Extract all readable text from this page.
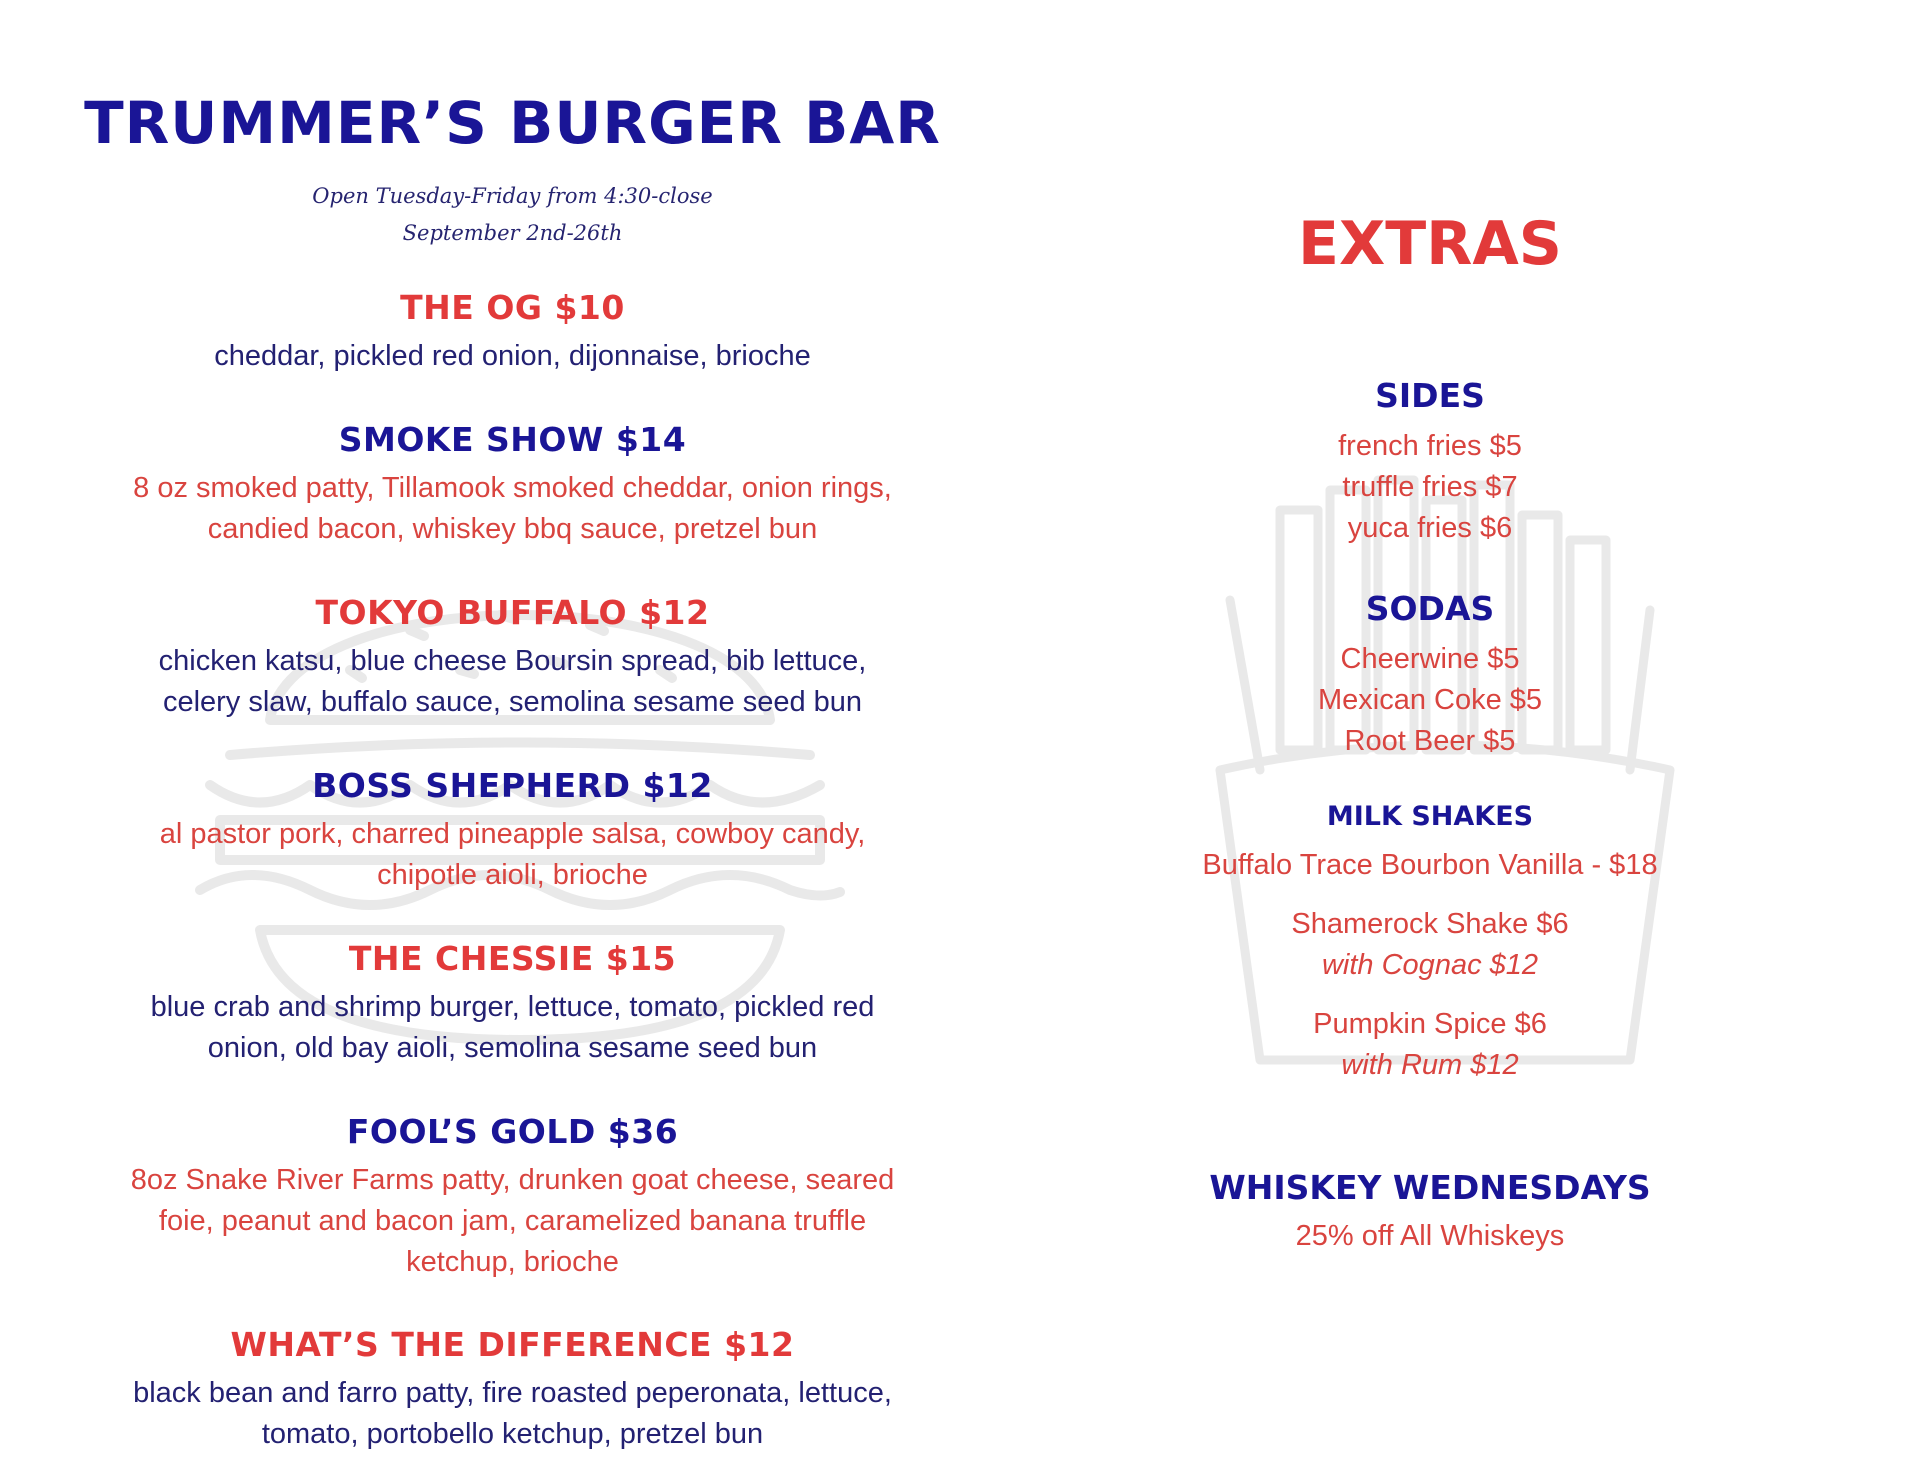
TRUMMER’S BURGER BAR
Open Tuesday-Friday from 4:30-close
September 2nd-26th

THE OG $10

cheddar, pickled red onion, dijonnaise, brioche

SMOKE SHOW $14

8 oz smoked patty, Tillamook smoked cheddar, onion rings,
candied bacon, whiskey bbq sauce, pretzel bun

TOKYO BUFFALO $12

chicken katsu, blue cheese Boursin spread, bib lettuce,
celery slaw, buffalo sauce, semolina sesame seed bun

BOSS SHEPHERD $12

al pastor pork, charred pineapple salsa, cowboy candy,
chipotle aioli, brioche

THE CHESSIE $15

blue crab and shrimp burger, lettuce, tomato, pickled red
onion, old bay aioli, semolina sesame seed bun

FOOL’S GOLD $36

8oz Snake River Farms patty, drunken goat cheese, seared
foie, peanut and bacon jam, caramelized banana truffle
ketchup, brioche

WHAT’S THE DIFFERENCE $12

black bean and farro patty, fire roasted peperonata, lettuce,
tomato, portobello ketchup, pretzel bun

EXTRAS

SIDES

french fries $5

truffle fries $7

yuca fries $6

SODAS

Cheerwine $5

Mexican Coke $5

Root Beer $5

MILK SHAKES

Buffalo Trace Bourbon Vanilla - $18

Shamerock Shake $6

with Cognac $12

Pumpkin Spice $6

with Rum $12

WHISKEY WEDNESDAYS

25% off All Whiskeys
